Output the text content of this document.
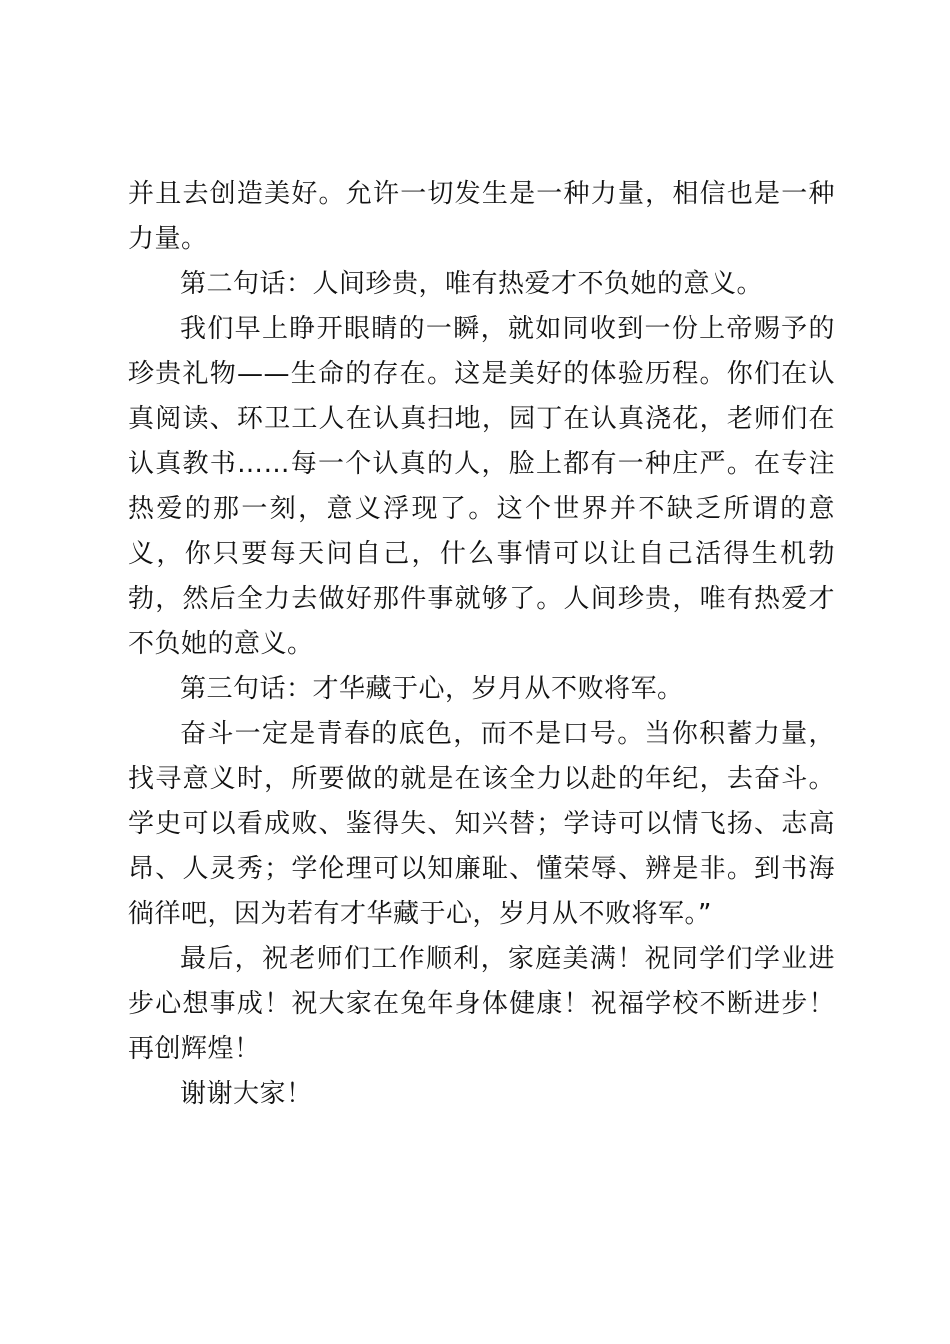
并且去创造美好。允许一切发生是一种力量，相信也是一种力量。

第二句话：人间珍贵，唯有热爱才不负她的意义。

我们早上睁开眼睛的一瞬，就如同收到一份上帝赐予的珍贵礼物——生命的存在。这是美好的体验历程。你们在认真阅读、环卫工人在认真扫地，园丁在认真浇花，老师们在认真教书……每一个认真的人，脸上都有一种庄严。在专注热爱的那一刻，意义浮现了。这个世界并不缺乏所谓的意义，你只要每天问自己，什么事情可以让自己活得生机勃勃，然后全力去做好那件事就够了。人间珍贵，唯有热爱才不负她的意义。

第三句话：才华藏于心，岁月从不败将军。

奋斗一定是青春的底色，而不是口号。当你积蓄力量，找寻意义时，所要做的就是在该全力以赴的年纪，去奋斗。学史可以看成败、鉴得失、知兴替；学诗可以情飞扬、志高昂、人灵秀；学伦理可以知廉耻、懂荣辱、辨是非。到书海徜徉吧，因为若有才华藏于心，岁月从不败将军。”

最后，祝老师们工作顺利，家庭美满！祝同学们学业进步心想事成！祝大家在兔年身体健康！祝福学校不断进步！再创辉煌！

谢谢大家！
